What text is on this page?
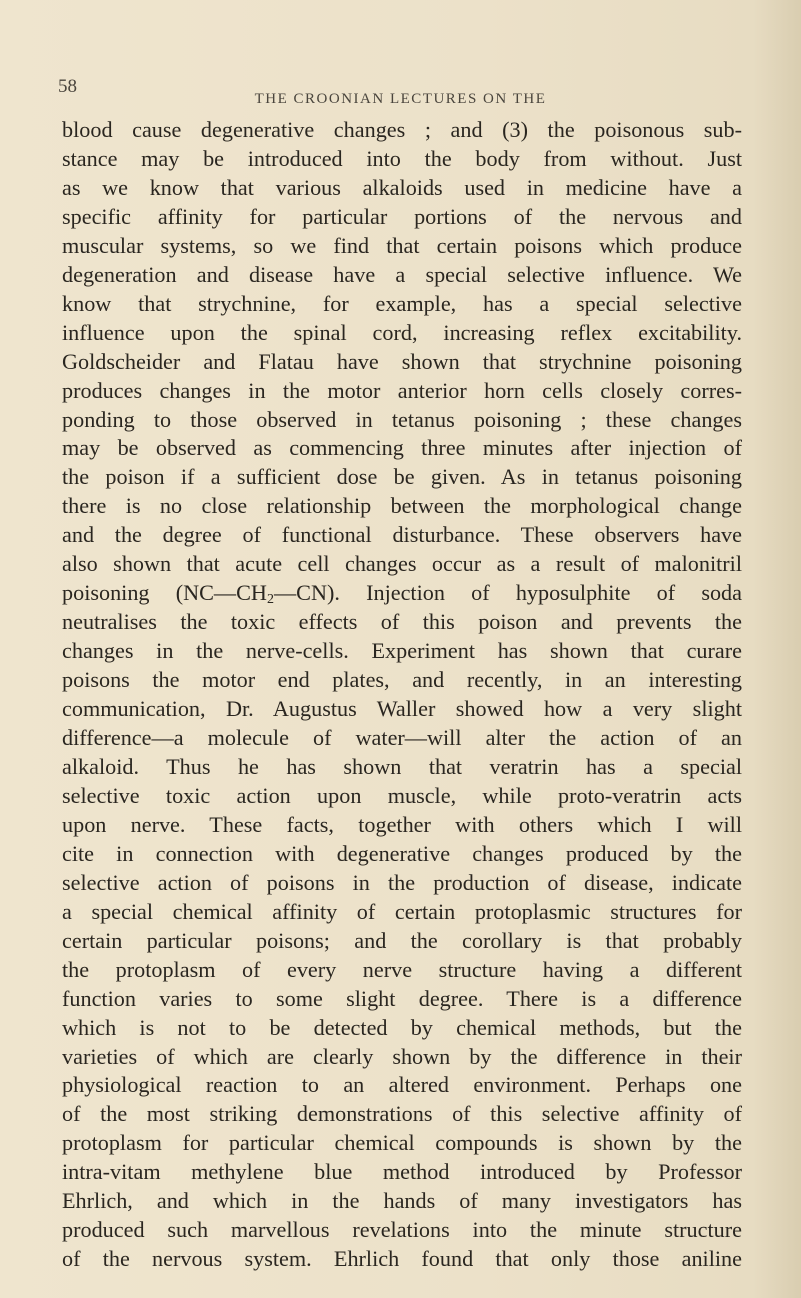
58
THE CROONIAN LECTURES ON THE
blood cause degenerative changes ; and (3) the poisonous sub-
stance may be introduced into the body from without. Just
as we know that various alkaloids used in medicine have a
specific affinity for particular portions of the nervous and
muscular systems, so we find that certain poisons which produce
degeneration and disease have a special selective influence. We
know that strychnine, for example, has a special selective
influence upon the spinal cord, increasing reflex excitability.
Goldscheider and Flatau have shown that strychnine poisoning
produces changes in the motor anterior horn cells closely corres-
ponding to those observed in tetanus poisoning ; these changes
may be observed as commencing three minutes after injection of
the poison if a sufficient dose be given. As in tetanus poisoning
there is no close relationship between the morphological change
and the degree of functional disturbance. These observers have
also shown that acute cell changes occur as a result of malonitril
poisoning $(NC—CH_2—CN)$. Injection of hyposulphite of soda
neutralises the toxic effects of this poison and prevents the
changes in the nerve-cells. Experiment has shown that curare
poisons the motor end plates, and recently, in an interesting
communication, Dr. Augustus Waller showed how a very slight
difference—a molecule of water—will alter the action of an
alkaloid. Thus he has shown that veratrin has a special
selective toxic action upon muscle, while proto-veratrin acts
upon nerve. These facts, together with others which I will
cite in connection with degenerative changes produced by the
selective action of poisons in the production of disease, indicate
a special chemical affinity of certain protoplasmic structures for
certain particular poisons; and the corollary is that probably
the protoplasm of every nerve structure having a different
function varies to some slight degree. There is a difference
which is not to be detected by chemical methods, but the
varieties of which are clearly shown by the difference in their
physiological reaction to an altered environment. Perhaps one
of the most striking demonstrations of this selective affinity of
protoplasm for particular chemical compounds is shown by the
intra-vitam methylene blue method introduced by Professor
Ehrlich, and which in the hands of many investigators has
produced such marvellous revelations into the minute structure
of the nervous system. Ehrlich found that only those aniline
